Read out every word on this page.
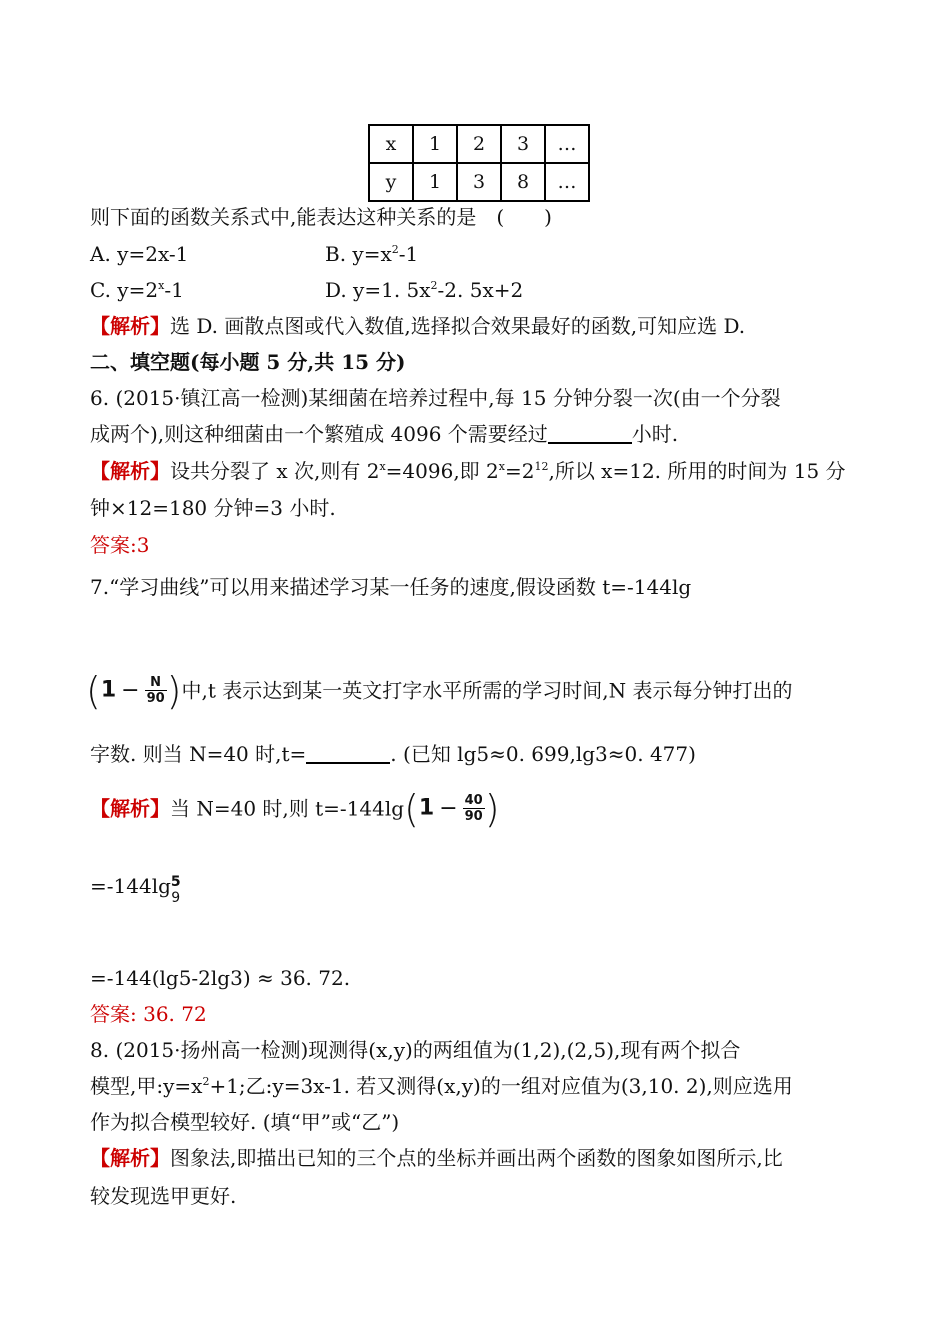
x	1	2	3	…
y	1	3	8	…
则下面的函数关系式中,能表达这种关系的是　(　　)
A. y=2x-1	B. $y=x^2-1$
C. $y=2^x-1$	D. y=1. $5x^2-2$. 5x+2
【解析】选 D. 画散点图或代入数值,选择拟合效果最好的函数,可知应选 D.
二、填空题(每小题 5 分,共 15 分)
6. (2015·镇江高一检测)某细菌在培养过程中,每 15 分钟分裂一次(由一个分裂
成两个),则这种细菌由一个繁殖成 4096 个需要经过	小时.
【解析】设共分裂了 x 次,则有 $2^x=4096$,即 $2^x=2^{12}$,所以 x=12. 所用的时间为 15 分
钟×12=180 分钟=3 小时.
答案:3
7.“学习曲线”可以用来描述学习某一任务的速度,假设函数 t=-144lg
($1 - \frac{N}{90}$ )中,t 表示达到某一英文打字水平所需的学习时间,N 表示每分钟打出的
字数. 则当 N=40 时,t=	. (已知 lg5≈0. 699,lg3≈0. 477)
【解析】当 N=40 时,则 $t=-144\lg(1 - \frac{40}{90}$ )
=-144lg 5
9
=-144(lg5-2lg3) ≈ 36. 72.
答案: 36. 72
8. (2015·扬州高一检测)现测得(x,y)的两组值为(1,2),(2,5),现有两个拟合
模型,甲$:y=x^2+1$;乙:y=3x-1. 若又测得(x,y)的一组对应值为(3,10. 2),则应选用
作为拟合模型较好. (填“甲”或“乙”)
【解析】图象法,即描出已知的三个点的坐标并画出两个函数的图象如图所示,比
较发现选甲更好.
